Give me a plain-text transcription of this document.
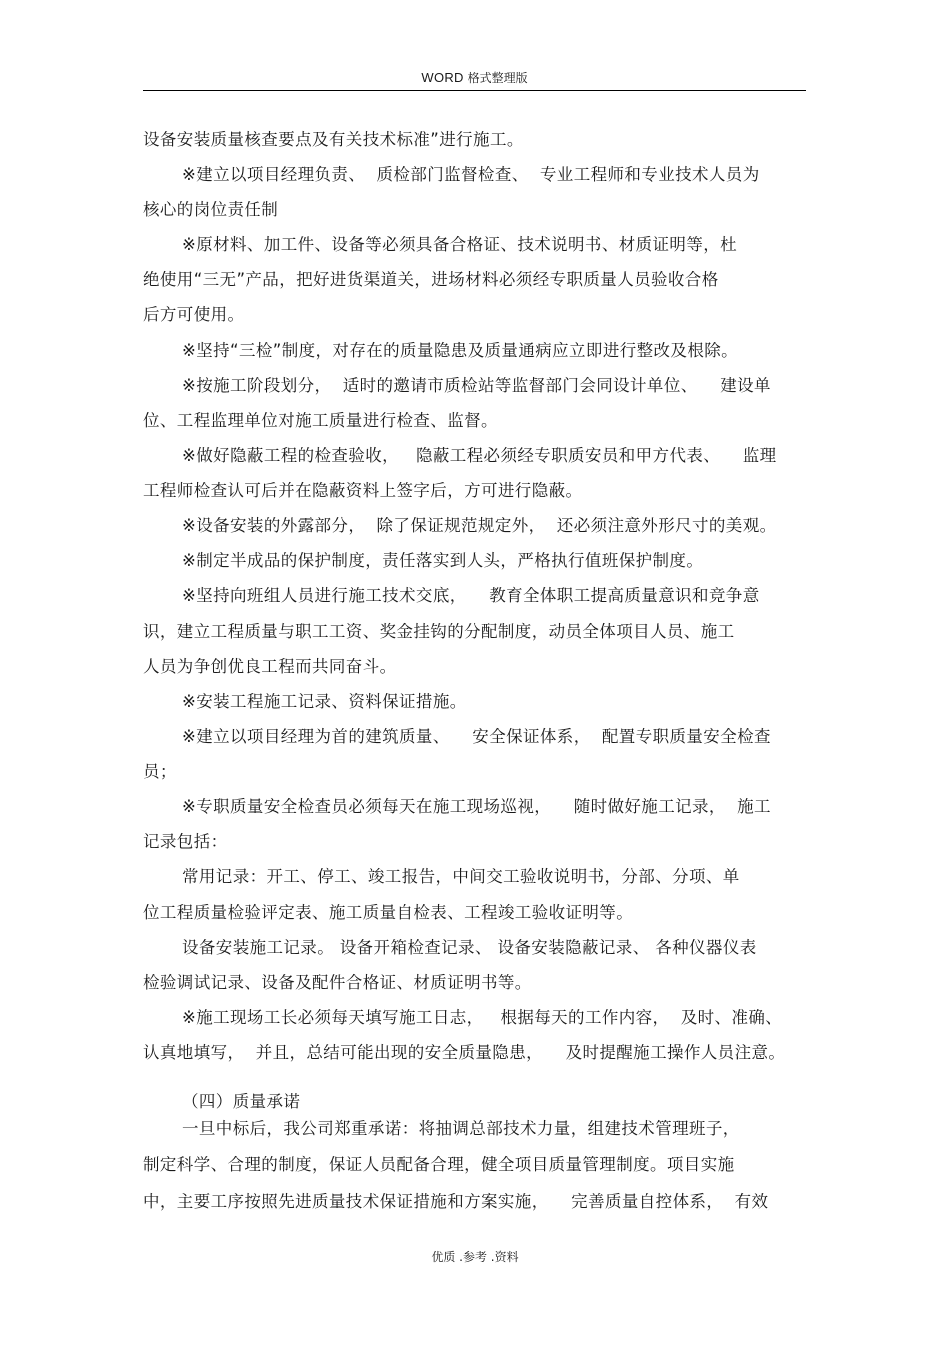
WORD 格式整理版
设备安装质量核查要点及有关技术标准”进行施工。
※建立以项目经理负责、  质检部门监督检查、  专业工程师和专业技术人员为
核心的岗位责任制
※原材料、加工件、设备等必须具备合格证、技术说明书、材质证明等，杜
绝使用“三无”产品，把好进货渠道关，进场材料必须经专职质量人员验收合格
后方可使用。
※坚持“三检”制度，对存在的质量隐患及质量通病应立即进行整改及根除。
※按施工阶段划分，  适时的邀请市质检站等监督部门会同设计单位、    建设单
位、工程监理单位对施工质量进行检查、监督。
※做好隐蔽工程的检查验收，   隐蔽工程必须经专职质安员和甲方代表、    监理
工程师检查认可后并在隐蔽资料上签字后，方可进行隐蔽。
※设备安装的外露部分，  除了保证规范规定外，  还必须注意外形尺寸的美观。
※制定半成品的保护制度，责任落实到人头，严格执行值班保护制度。
※坚持向班组人员进行施工技术交底，    教育全体职工提高质量意识和竞争意
识，建立工程质量与职工工资、奖金挂钩的分配制度，动员全体项目人员、施工
人员为争创优良工程而共同奋斗。
※安装工程施工记录、资料保证措施。
※建立以项目经理为首的建筑质量、    安全保证体系，  配置专职质量安全检查
员；
※专职质量安全检查员必须每天在施工现场巡视，    随时做好施工记录，  施工
记录包括：
常用记录：开工、停工、竣工报告，中间交工验收说明书，分部、分项、单
位工程质量检验评定表、施工质量自检表、工程竣工验收证明等。
设备安装施工记录。 设备开箱检查记录、 设备安装隐蔽记录、 各种仪器仪表
检验调试记录、设备及配件合格证、材质证明书等。
※施工现场工长必须每天填写施工日志，   根据每天的工作内容，  及时、准确、
认真地填写，  并且，总结可能出现的安全质量隐患，    及时提醒施工操作人员注意。
（四）质量承诺
一旦中标后，我公司郑重承诺：将抽调总部技术力量，组建技术管理班子，
制定科学、合理的制度，保证人员配备合理，健全项目质量管理制度。项目实施
中，主要工序按照先进质量技术保证措施和方案实施，    完善质量自控体系，  有效
优质 .参考 .资料
